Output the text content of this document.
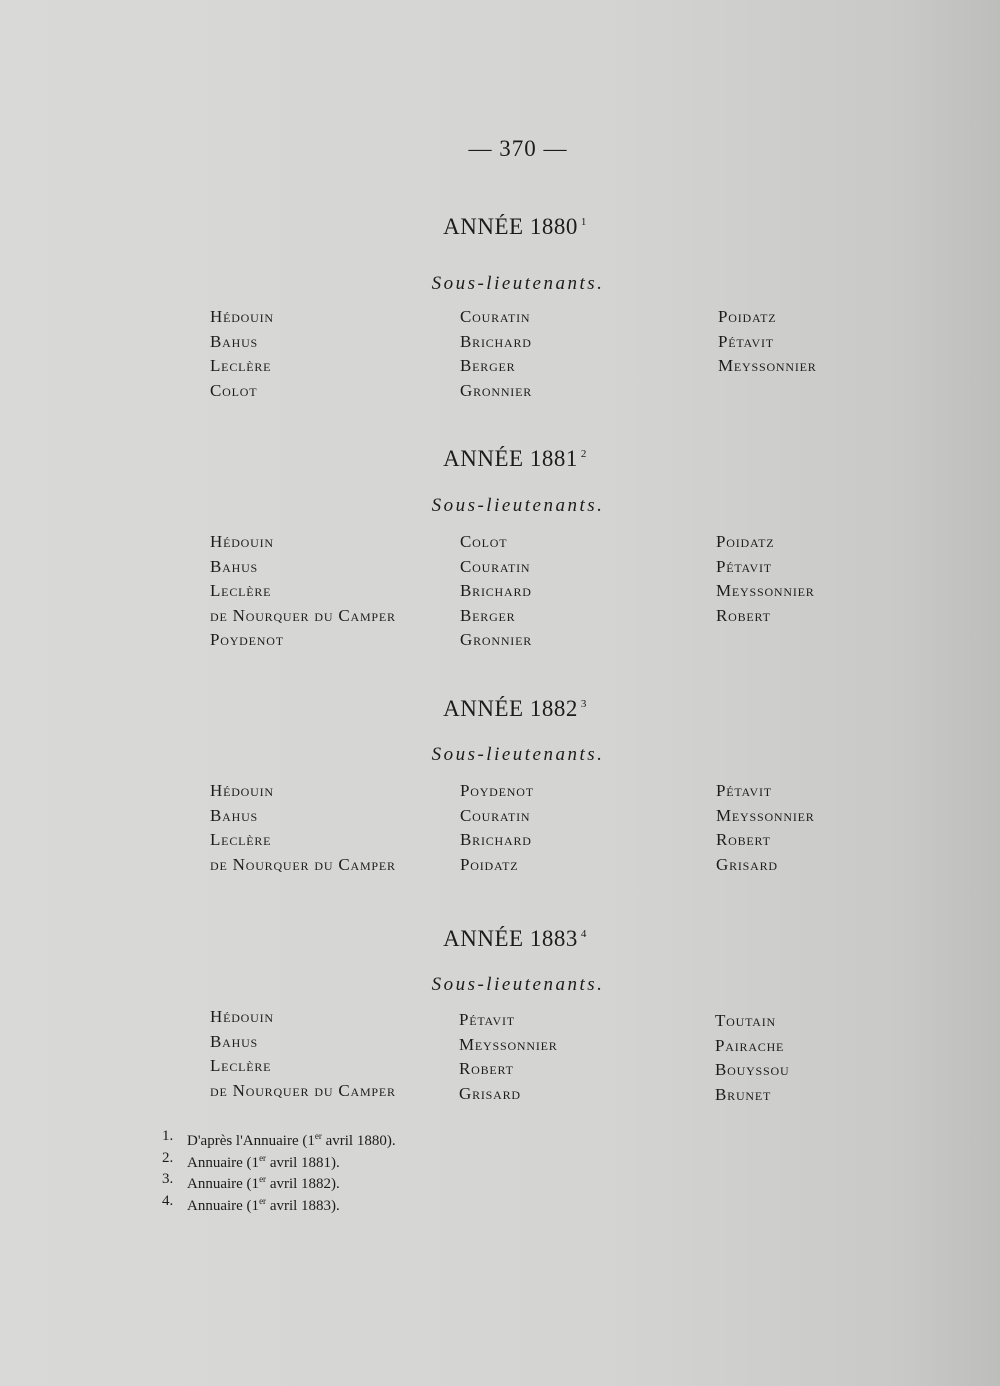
— 370 —
ANNÉE 1880 $^1$
Sous-lieutenants.
Hédouin
Bahus
Leclère
Colot
Couratin
Brichard
Berger
Gronnier
Poidatz
Pétavit
Meyssonnier
ANNÉE 1881 $^2$
Sous-lieutenants.
Hédouin
Bahus
Leclère
de Nourquer du Camper
Poydenot
Colot
Couratin
Brichard
Berger
Gronnier
Poidatz
Pétavit
Meyssonnier
Robert
ANNÉE 1882 $^3$
Sous-lieutenants.
Hédouin
Bahus
Leclère
de Nourquer du Camper
Poydenot
Couratin
Brichard
Poidatz
Pétavit
Meyssonnier
Robert
Grisard
ANNÉE 1883 $^4$
Sous-lieutenants.
Hédouin
Bahus
Leclère
de Nourquer du Camper
Pétavit
Meyssonnier
Robert
Grisard
Toutain
Pairache
Bouyssou
Brunet
1. D'après l'Annuaire (1er avril 1880).
2. Annuaire (1er avril 1881).
3. Annuaire (1er avril 1882).
4. Annuaire (1er avril 1883).
